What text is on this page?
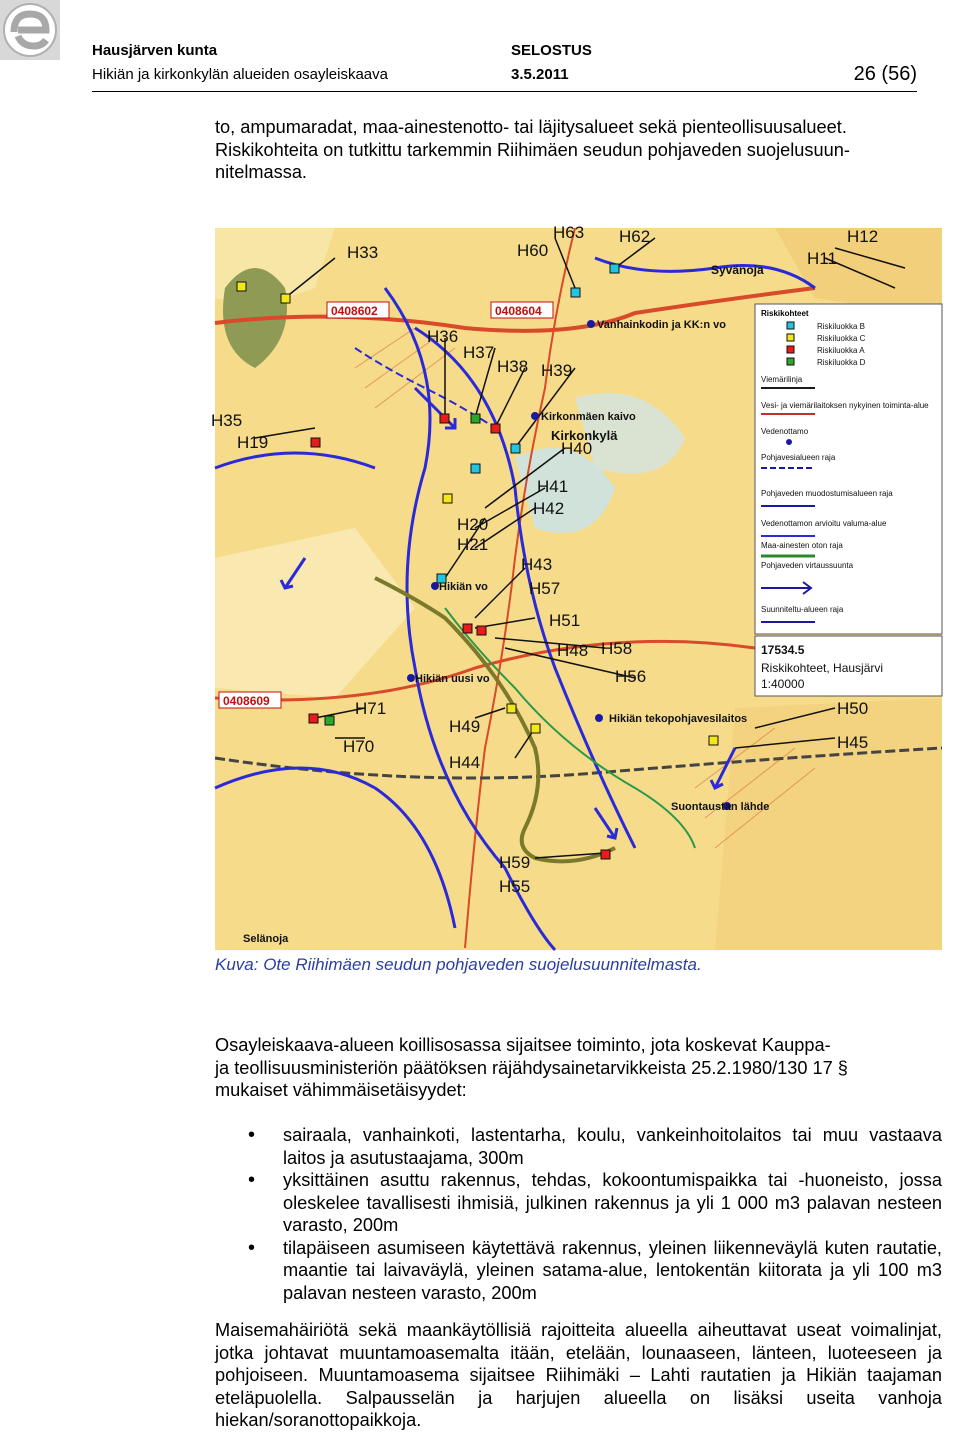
Hausjärven kunta
Hikiän ja kirkonkylän alueiden osayleiskaava
SELOSTUS
3.5.2011	26 (56)
to, ampumaradat, maa-ainestenotto- tai läjitysalueet sekä pienteollisuusalueet.
Riskikohteita on tutkittu tarkemmin Riihimäen seudun pohjaveden suojelusuun-
nitelmassa.
0408602	0408604
0408609
H33
H63 H62	H12
H11
H60
H36
H37
H38 H39
H35
H19	H40
H41
H42
H20
H21
H43
H57
H51
H48 H58
H56
H71
H70
H49
H44
H50
H45
H59
H55
Vanhainkodin ja KK:n vo
Kirkonmäen kaivo
Kirkonkylä
Hikiän vo
Hikiän uusi vo
Hikiän tekopohjavesilaitos
Syvänoja
Selänoja
Suontaustan lähde
Riskikohteet
Riskiluokka B
Riskiluokka C
Riskiluokka A
Riskiluokka D
Viemärilinja
Vesi- ja viemärilaitoksen nykyinen toiminta-alue
Vedenottamo
Pohjavesialueen raja
Pohjaveden muodostumisalueen raja
Vedenottamon arvioitu valuma-alue
Maa-ainesten oton raja
Pohjaveden virtaussuunta
Suunniteltu-alueen raja
17534.5
Riskikohteet, Hausjärvi
1:40000
Kuva: Ote Riihimäen seudun pohjaveden suojelusuunnitelmasta.
Osayleiskaava-alueen koillisosassa sijaitsee toiminto, jota koskevat Kauppa-
ja teollisuusministeriön päätöksen räjähdysainetarvikkeista 25.2.1980/130 17 §
mukaiset vähimmäisetäisyydet:
• sairaala, vanhainkoti, lastentarha, koulu, vankeinhoitolaitos tai muu vastaava laitos ja asutustaajama, 300m
• yksittäinen asuttu rakennus, tehdas, kokoontumispaikka tai -huoneisto, jossa oleskelee tavallisesti ihmisiä, julkinen rakennus ja yli 1 000 m3 palavan nesteen varasto, 200m
• tilapäiseen asumiseen käytettävä rakennus, yleinen liikenneväylä kuten rautatie, maantie tai laivaväylä, yleinen satama-alue, lentokentän kiitorata ja yli 100 m3 palavan nesteen varasto, 200m
Maisemahäiriötä sekä maankäytöllisiä rajoitteita alueella aiheuttavat useat voimalinjat, jotka johtavat muuntamoasemalta itään, etelään, lounaaseen, länteen, luoteeseen ja pohjoiseen. Muuntamoasema sijaitsee Riihimäki – Lahti rautatien ja Hikiän taajaman eteläpuolella. Salpausselän ja harjujen alueella on lisäksi useita vanhoja hiekan/soranottopaikkoja.
